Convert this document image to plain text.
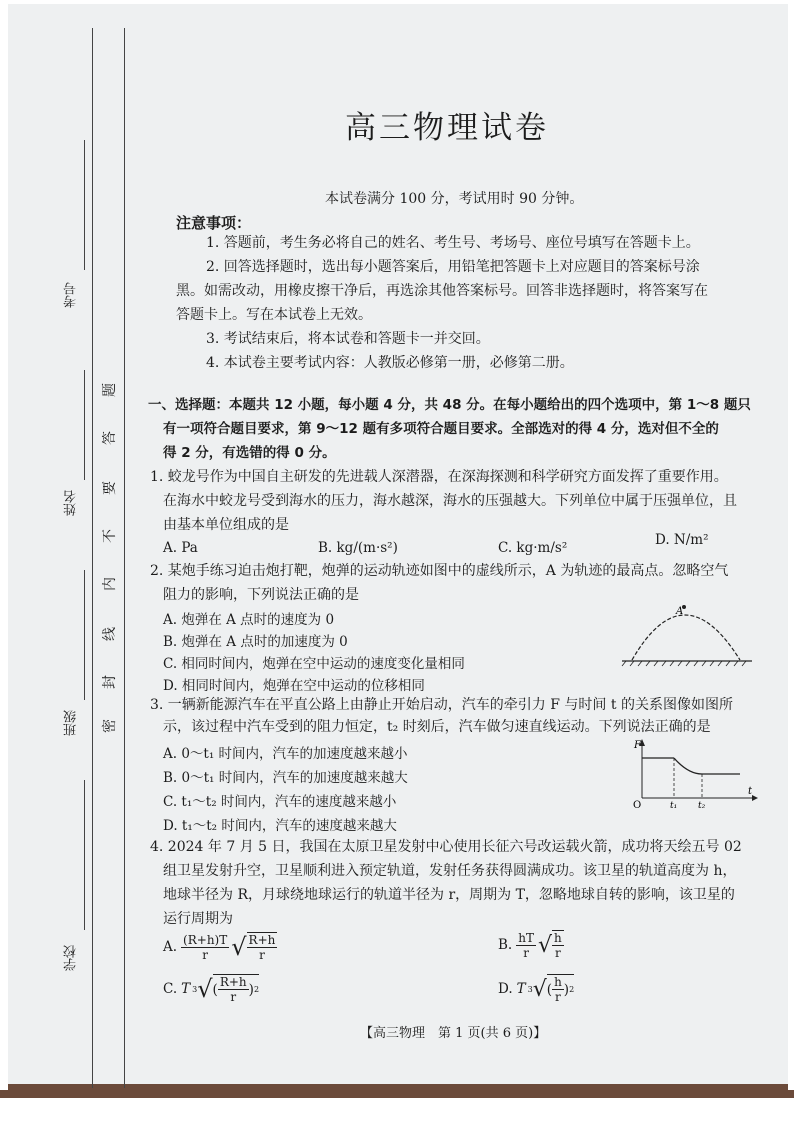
考号
姓名
班级
学校
题
答
要
不
内
线
封
密
高三物理试卷
本试卷满分 100 分，考试用时 90 分钟。
注意事项：
1. 答题前，考生务必将自己的姓名、考生号、考场号、座位号填写在答题卡上。
2. 回答选择题时，选出每小题答案后，用铅笔把答题卡上对应题目的答案标号涂
黑。如需改动，用橡皮擦干净后，再选涂其他答案标号。回答非选择题时，将答案写在
答题卡上。写在本试卷上无效。
3. 考试结束后，将本试卷和答题卡一并交回。
4. 本试卷主要考试内容：人教版必修第一册，必修第二册。
一、选择题：本题共 12 小题，每小题 4 分，共 48 分。在每小题给出的四个选项中，第 1～8 题只
有一项符合题目要求，第 9～12 题有多项符合题目要求。全部选对的得 4 分，选对但不全的
得 2 分，有选错的得 0 分。
1. 蛟龙号作为中国自主研发的先进载人深潜器，在深海探测和科学研究方面发挥了重要作用。
在海水中蛟龙号受到海水的压力，海水越深，海水的压强越大。下列单位中属于压强单位，且
由基本单位组成的是
A. Pa	B. kg/(m·s²)	C. kg·m/s²	D. N/m²
2. 某炮手练习迫击炮打靶，炮弹的运动轨迹如图中的虚线所示，A 为轨迹的最高点。忽略空气
阻力的影响，下列说法正确的是
A. 炮弹在 A 点时的速度为 0
B. 炮弹在 A 点时的加速度为 0
C. 相同时间内，炮弹在空中运动的速度变化量相同
D. 相同时间内，炮弹在空中运动的位移相同
A
3. 一辆新能源汽车在平直公路上由静止开始启动，汽车的牵引力 F 与时间 t 的关系图像如图所
示，该过程中汽车受到的阻力恒定，t₂ 时刻后，汽车做匀速直线运动。下列说法正确的是
A. 0～t₁ 时间内，汽车的加速度越来越小
B. 0～t₁ 时间内，汽车的加速度越来越大
C. t₁～t₂ 时间内，汽车的速度越来越小
D. t₁～t₂ 时间内，汽车的速度越来越大
F
t
O	t₁ t₂
4. 2024 年 7 月 5 日，我国在太原卫星发射中心使用长征六号改运载火箭，成功将天绘五号 02
组卫星发射升空，卫星顺利进入预定轨道，发射任务获得圆满成功。该卫星的轨道高度为 h，
地球半径为 R，月球绕地球运行的轨道半径为 r，周期为 T，忽略地球自转的影响，该卫星的
运行周期为
A. $\frac{(R+h)T}{r}$ √ $\frac{R+h}{r}$	B. $\frac{hT}{r}$ √ $\frac{h}{r}$
C. T 3 √ ( $\frac{R+h}{r}$ ) 2	D. T 3 √ ( $\frac{h}{r}$ ) 2
【高三物理　第 1 页(共 6 页)】
